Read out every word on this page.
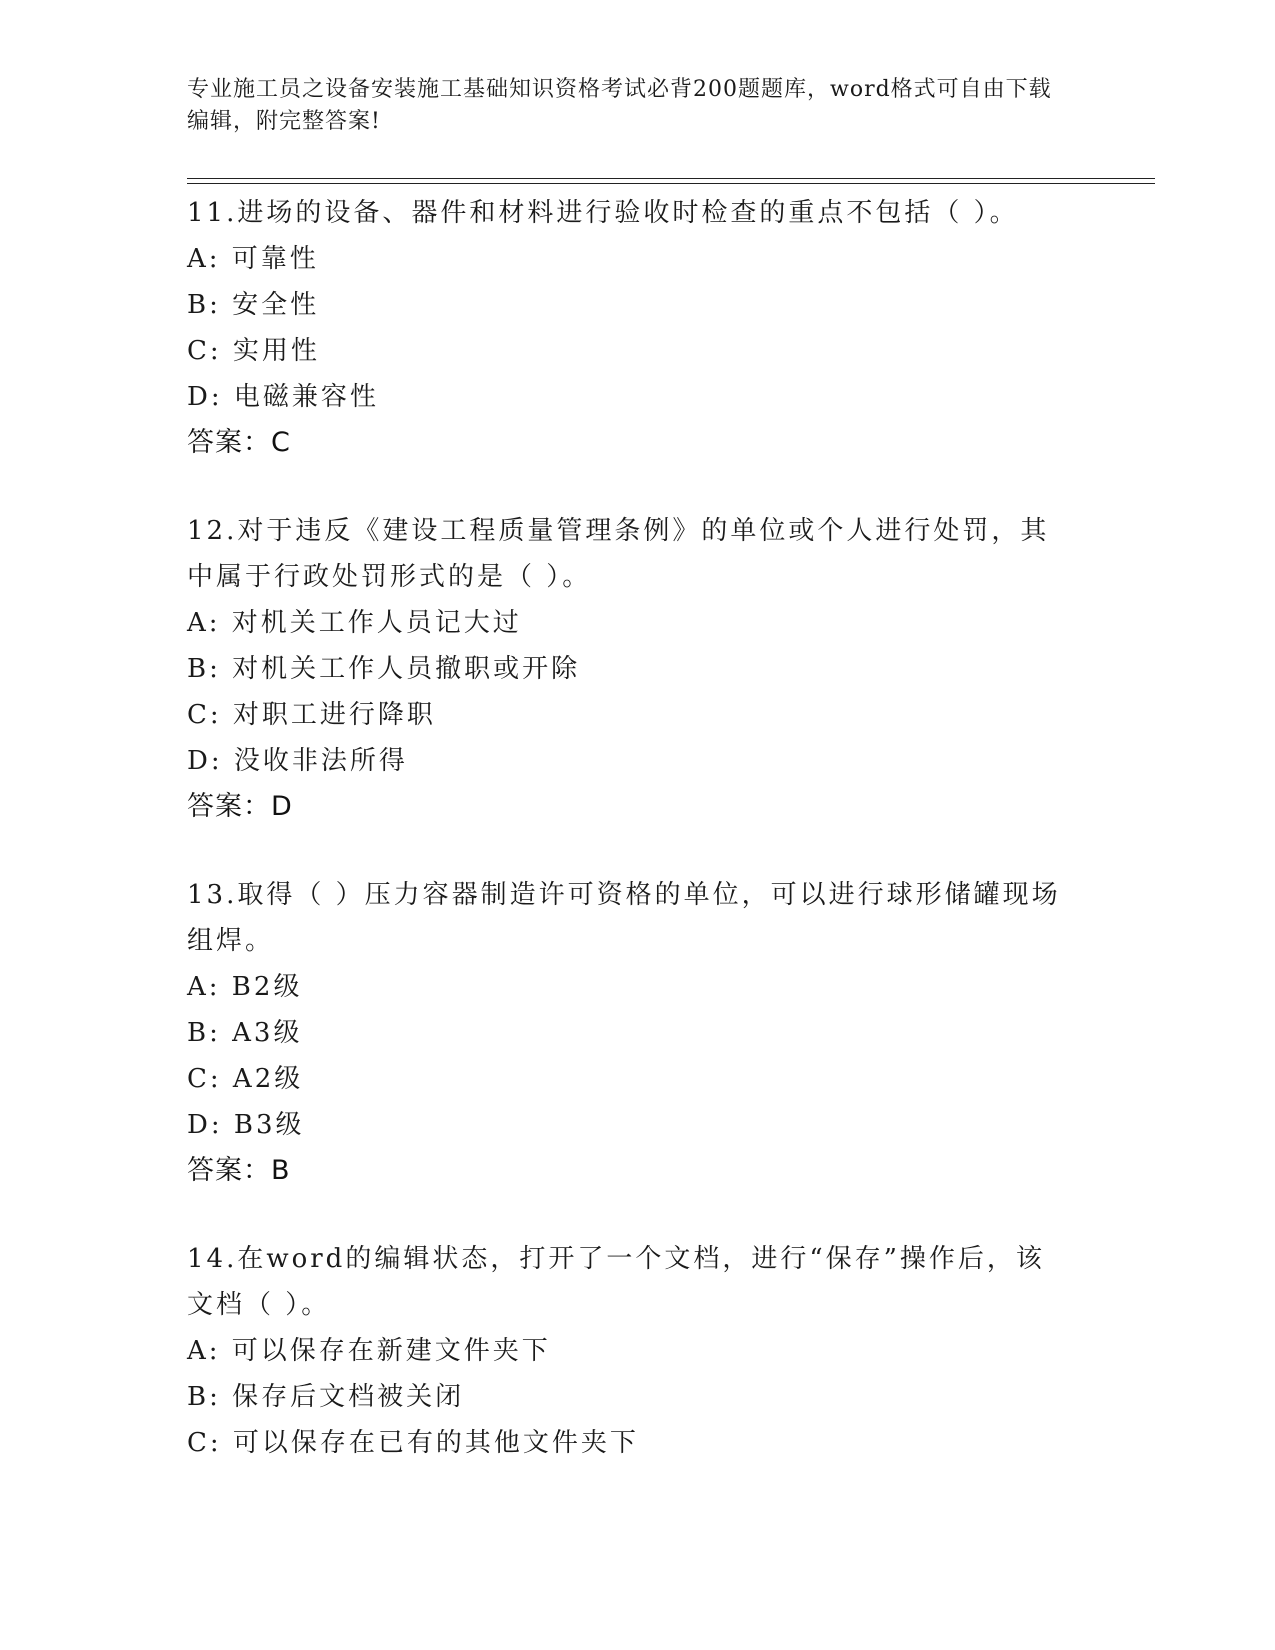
专业施工员之设备安装施工基础知识资格考试必背200题题库，word格式可自由下载编辑，附完整答案!
11.进场的设备、器件和材料进行验收时检查的重点不包括（ ）。
A: 可靠性
B: 安全性
C: 实用性
D: 电磁兼容性
答案：C
12.对于违反《建设工程质量管理条例》的单位或个人进行处罚，其中属于行政处罚形式的是（ ）。
A: 对机关工作人员记大过
B: 对机关工作人员撤职或开除
C: 对职工进行降职
D: 没收非法所得
答案：D
13.取得（ ）压力容器制造许可资格的单位，可以进行球形储罐现场组焊。
A: B2级
B: A3级
C: A2级
D: B3级
答案：B
14.在word的编辑状态，打开了一个文档，进行“保存”操作后，该文档（ ）。
A: 可以保存在新建文件夹下
B: 保存后文档被关闭
C: 可以保存在已有的其他文件夹下
